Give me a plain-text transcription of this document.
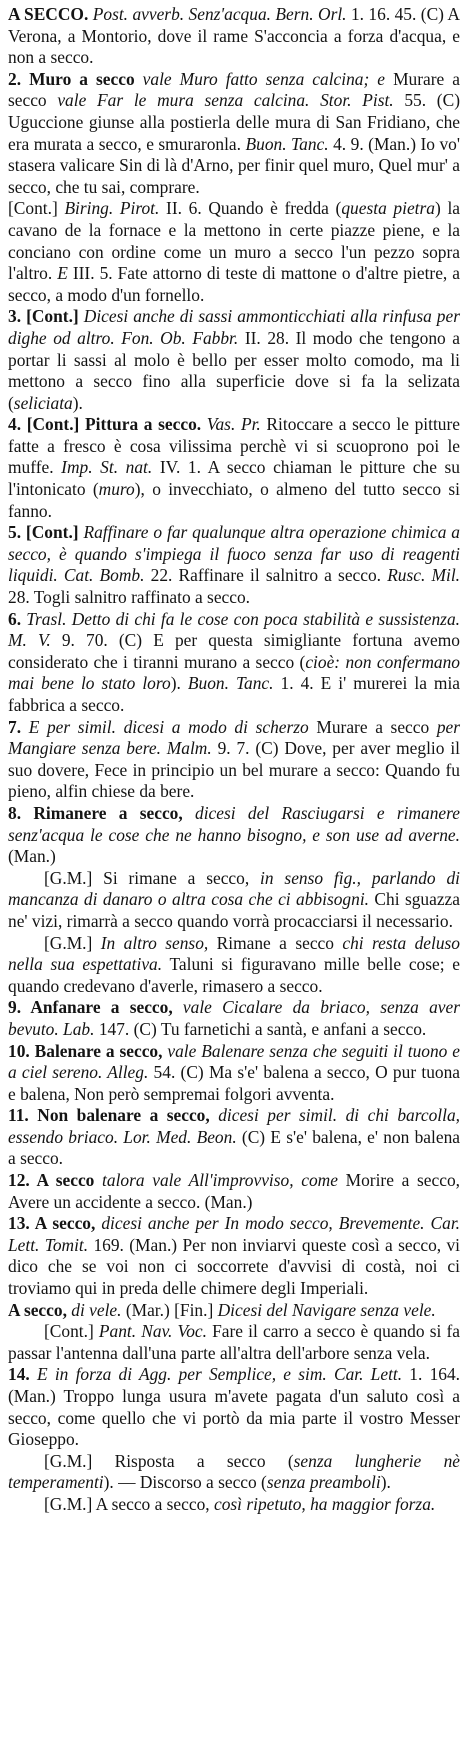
A SECCO. Post. avverb. Senz'acqua. Bern. Orl. 1. 16. 45. (C) A Verona, a Montorio, dove il rame S'acconcia a forza d'acqua, e non a secco.

2. Muro a secco vale Muro fatto senza calcina; e Murare a secco vale Far le mura senza calcina. Stor. Pist. 55. (C) Uguccione giunse alla postierla delle mura di San Fridiano, che era murata a secco, e smuraronla. Buon. Tanc. 4. 9. (Man.) Io vo' stasera valicare Sin di là d'Arno, per finir quel muro, Quel mur' a secco, che tu sai, comprare.

[Cont.] Biring. Pirot. II. 6. Quando è fredda (questa pietra) la cavano de la fornace e la mettono in certe piazze piene, e la conciano con ordine come un muro a secco l'un pezzo sopra l'altro. E III. 5. Fate attorno di teste di mattone o d'altre pietre, a secco, a modo d'un fornello.

3. [Cont.] Dicesi anche di sassi ammonticchiati alla rinfusa per dighe od altro. Fon. Ob. Fabbr. II. 28. Il modo che tengono a portar li sassi al molo è bello per esser molto comodo, ma li mettono a secco fino alla superficie dove si fa la selizata (seliciata).

4. [Cont.] Pittura a secco. Vas. Pr. Ritoccare a secco le pitture fatte a fresco è cosa vilissima perchè vi si scuoprono poi le muffe. Imp. St. nat. IV. 1. A secco chiaman le pitture che su l'intonicato (muro), o invecchiato, o almeno del tutto secco si fanno.

5. [Cont.] Raffinare o far qualunque altra operazione chimica a secco, è quando s'impiega il fuoco senza far uso di reagenti liquidi. Cat. Bomb. 22. Raffinare il salnitro a secco. Rusc. Mil. 28. Togli salnitro raffinato a secco.

6. Trasl. Detto di chi fa le cose con poca stabilità e sussistenza. M. V. 9. 70. (C) E per questa simigliante fortuna avemo considerato che i tiranni murano a secco (cioè: non confermano mai bene lo stato loro). Buon. Tanc. 1. 4. E i' murerei la mia fabbrica a secco.

7. E per simil. dicesi a modo di scherzo Murare a secco per Mangiare senza bere. Malm. 9. 7. (C) Dove, per aver meglio il suo dovere, Fece in principio un bel murare a secco: Quando fu pieno, alfin chiese da bere.

8. Rimanere a secco, dicesi del Rasciugarsi e rimanere senz'acqua le cose che ne hanno bisogno, e son use ad averne. (Man.)

[G.M.] Si rimane a secco, in senso fig., parlando di mancanza di danaro o altra cosa che ci abbisogni. Chi sguazza ne' vizi, rimarrà a secco quando vorrà procacciarsi il necessario.

[G.M.] In altro senso, Rimane a secco chi resta deluso nella sua espettativa. Taluni si figuravano mille belle cose; e quando credevano d'averle, rimasero a secco.

9. Anfanare a secco, vale Cicalare da briaco, senza aver bevuto. Lab. 147. (C) Tu farnetichi a santà, e anfani a secco.

10. Balenare a secco, vale Balenare senza che seguiti il tuono e a ciel sereno. Alleg. 54. (C) Ma s'e' balena a secco, O pur tuona e balena, Non però sempremai folgori avventa.

11. Non balenare a secco, dicesi per simil. di chi barcolla, essendo briaco. Lor. Med. Beon. (C) E s'e' balena, e' non balena a secco.

12. A secco talora vale All'improvviso, come Morire a secco, Avere un accidente a secco. (Man.)

13. A secco, dicesi anche per In modo secco, Brevemente. Car. Lett. Tomit. 169. (Man.) Per non inviarvi queste così a secco, vi dico che se voi non ci soccorrete d'avvisi di costà, noi ci troviamo qui in preda delle chimere degli Imperiali.

A secco, di vele. (Mar.) [Fin.] Dicesi del Navigare senza vele.

[Cont.] Pant. Nav. Voc. Fare il carro a secco è quando si fa passar l'antenna dall'una parte all'altra dell'arbore senza vela.

14. E in forza di Agg. per Semplice, e sim. Car. Lett. 1. 164. (Man.) Troppo lunga usura m'avete pagata d'un saluto così a secco, come quello che vi portò da mia parte il vostro Messer Gioseppo.

[G.M.] Risposta a secco (senza lungherie nè temperamenti). — Discorso a secco (senza preamboli).

[G.M.] A secco a secco, così ripetuto, ha maggior forza.
